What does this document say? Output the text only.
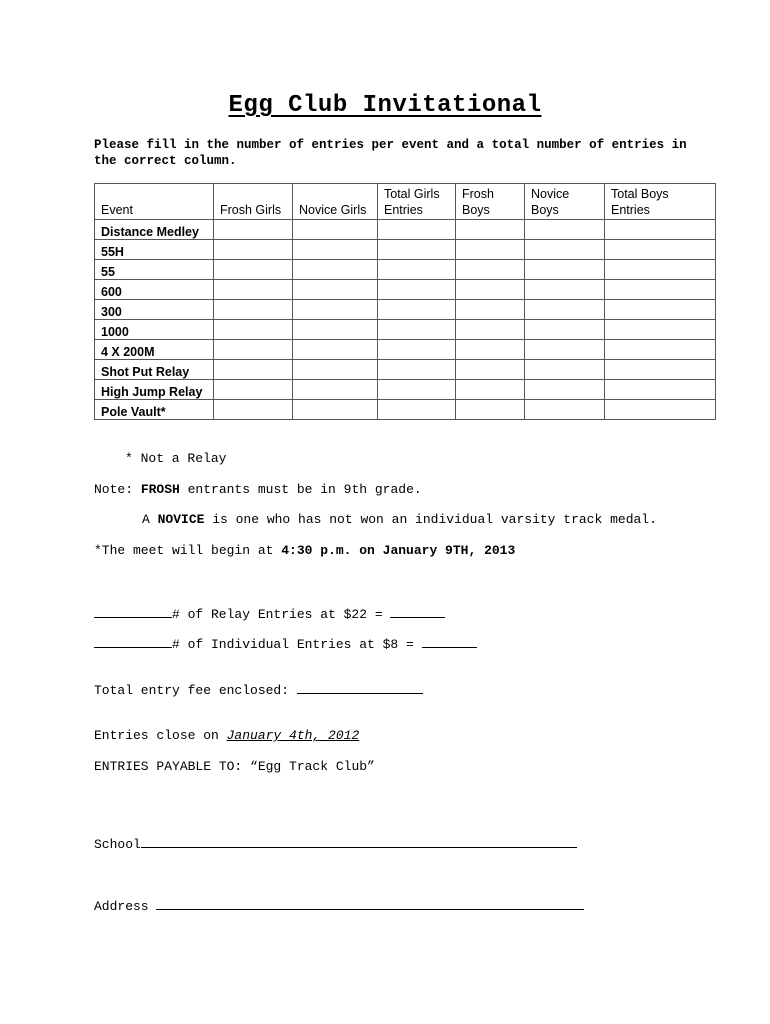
Egg Club Invitational
Please fill in the number of entries per event and a total number of entries in the correct column.
Event	Frosh Girls	Novice Girls	Total Girls Entries	Frosh Boys	Novice Boys	Total Boys Entries
Distance Medley						
55H						
55						
600						
300						
1000						
4 X 200M						
Shot Put Relay						
High Jump Relay						
Pole Vault*						
* Not a Relay
Note: FROSH entrants must be in 9th grade.
A NOVICE is one who has not won an individual varsity track medal.
*The meet will begin at 4:30 p.m. on January 9TH, 2013
# of Relay Entries at $22 =
# of Individual Entries at $8 =
Total entry fee enclosed:
Entries close on January 4th, 2012
ENTRIES PAYABLE TO: “Egg Track Club”
School
Address
